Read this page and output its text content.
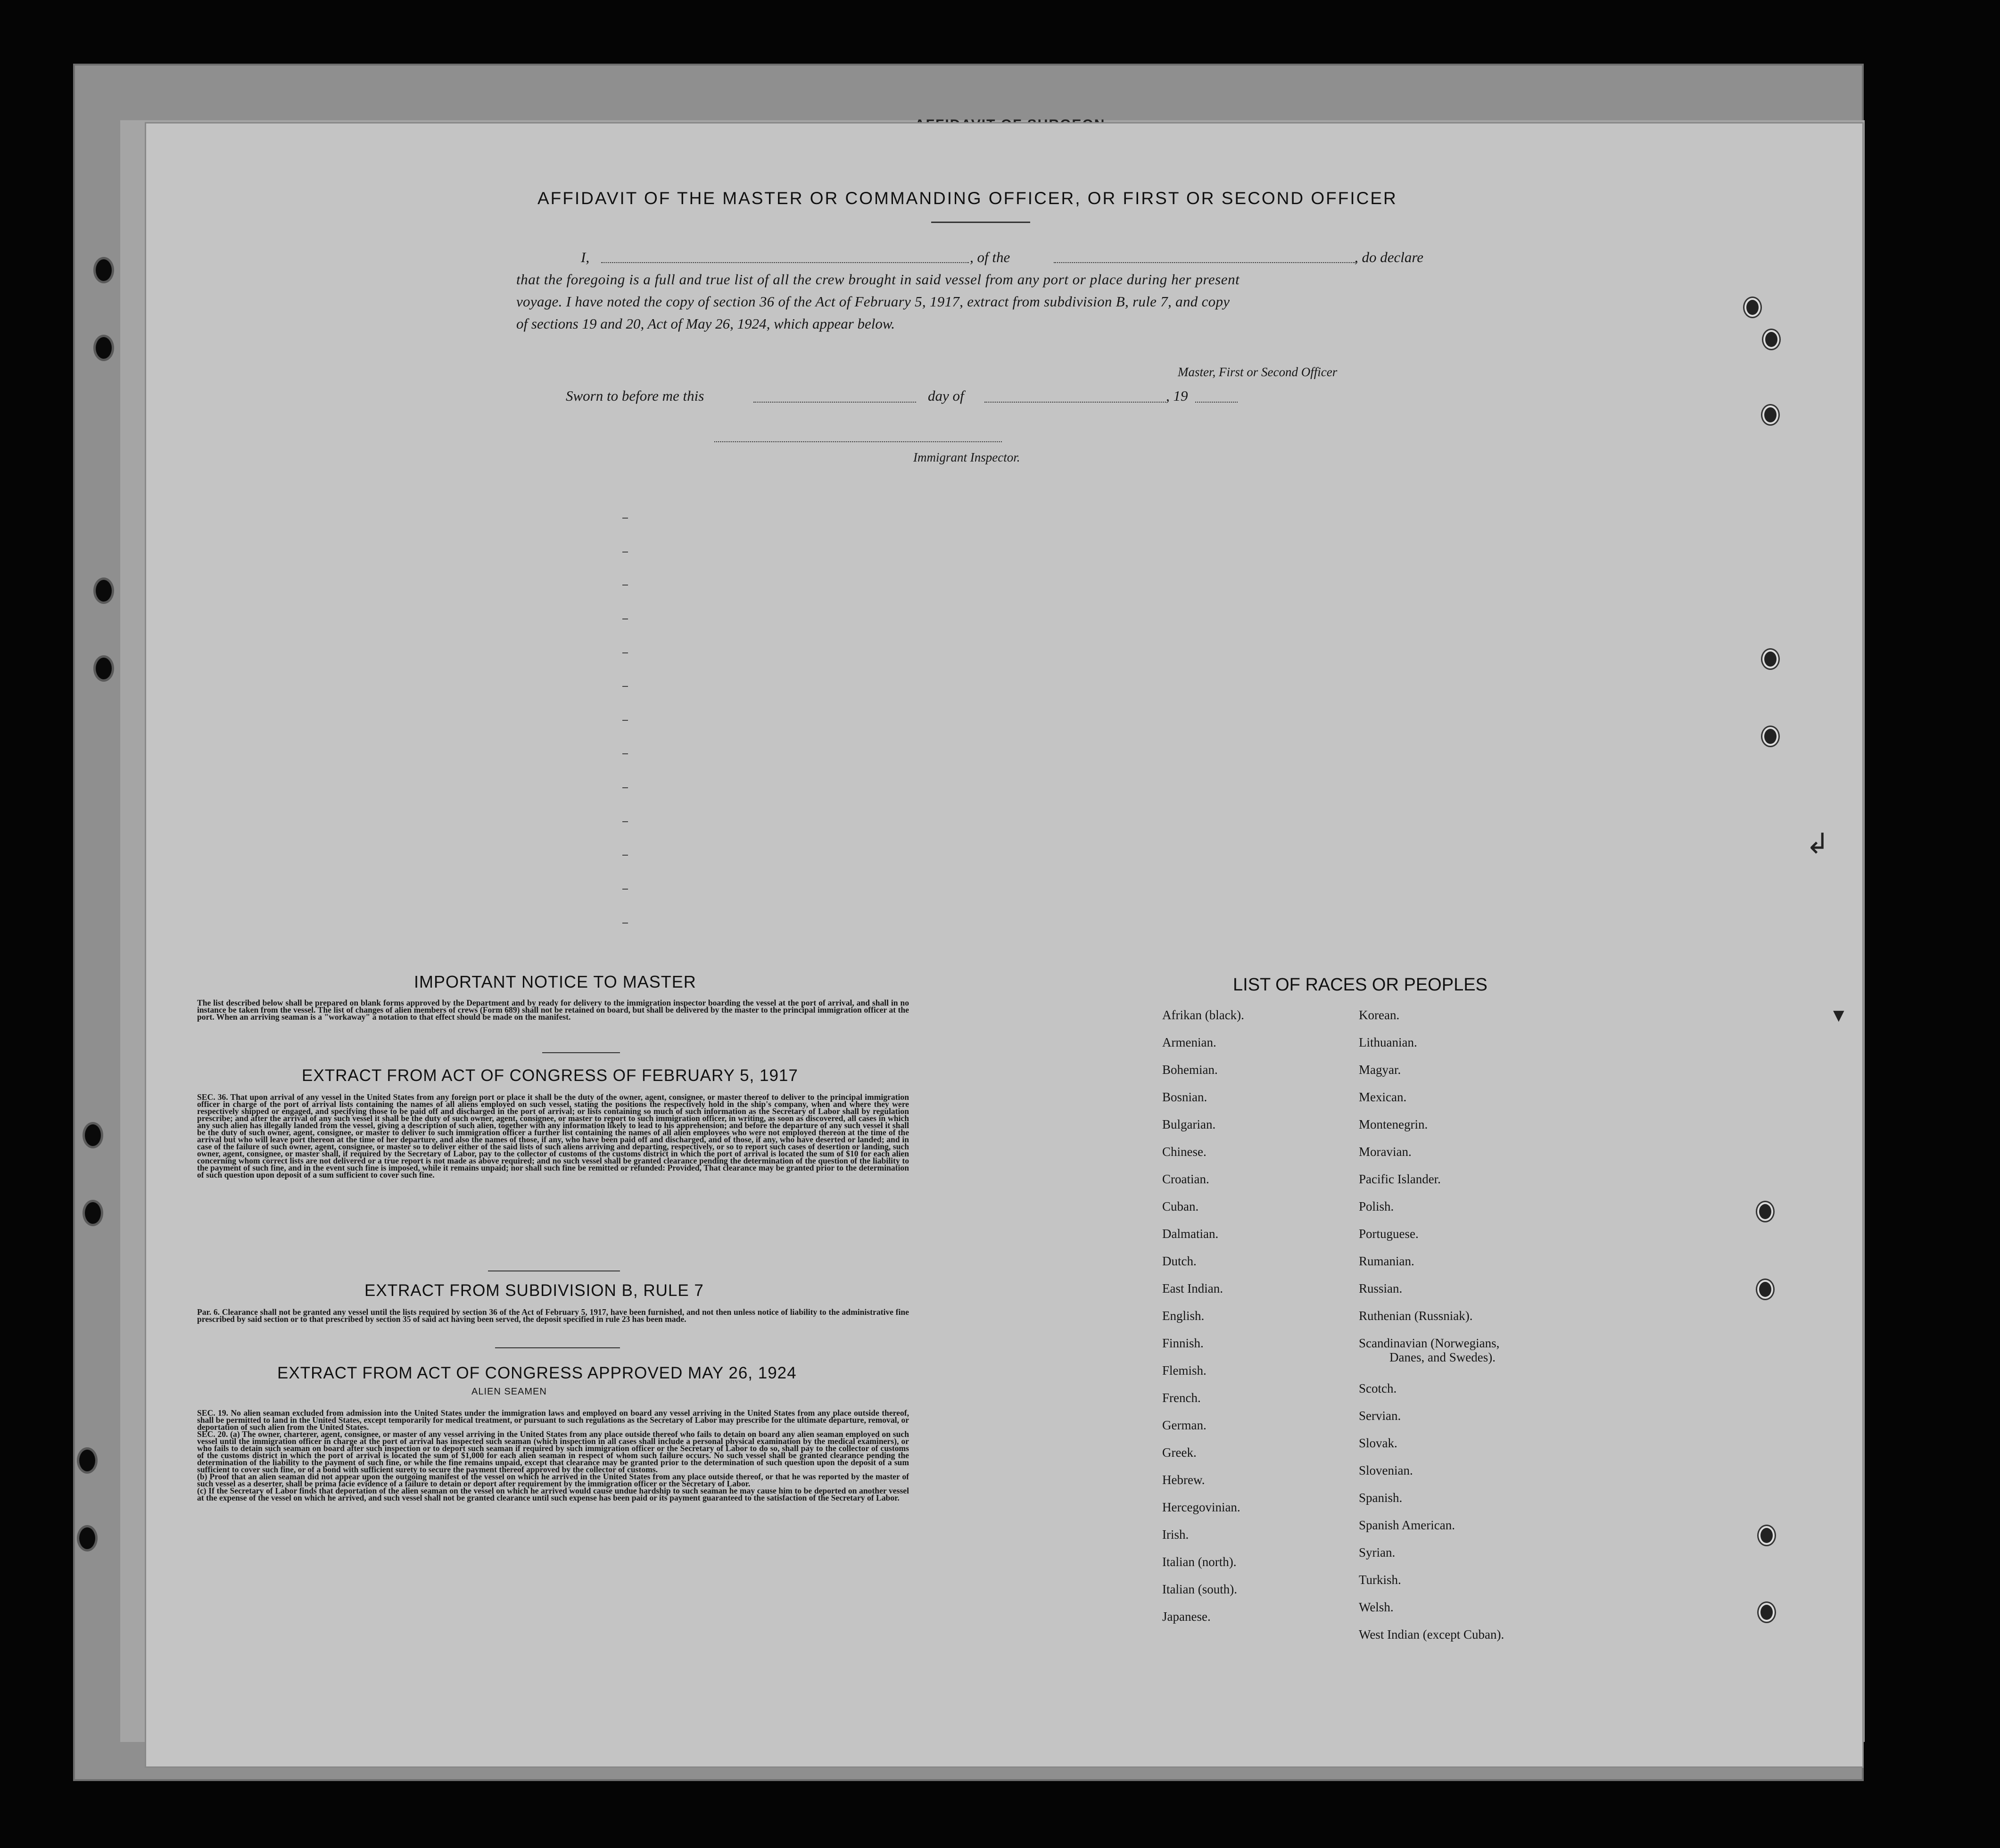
AFFIDAVIT OF THE MASTER OR COMMANDING OFFICER, OR FIRST OR SECOND OFFICER
I,	, of the	, do declare
that the foregoing is a full and true list of all the crew brought in said vessel from any port or place during her present
voyage. I have noted the copy of section 36 of the Act of February 5, 1917, extract from subdivision B, rule 7, and copy
of sections 19 and 20, Act of May 26, 1924, which appear below.
Master, First or Second Officer
Sworn to before me this	day of	, 19
Immigrant Inspector.
IMPORTANT NOTICE TO MASTER
The list described below shall be prepared on blank forms approved by the Department and by ready for delivery to the immigration inspector boarding the vessel at the port of arrival, and shall in no instance be taken from the vessel. The list of changes of alien members of crews (Form 689) shall not be retained on board, but shall be delivered by the master to the principal immigration officer at the port. When an arriving seaman is a "workaway" a notation to that effect should be made on the manifest.
EXTRACT FROM ACT OF CONGRESS OF FEBRUARY 5, 1917
SEC. 36. That upon arrival of any vessel in the United States from any foreign port or place it shall be the duty of the owner, agent, consignee, or master thereof to deliver to the principal immigration officer in charge of the port of arrival lists containing the names of all aliens employed on such vessel, stating the positions the respectively hold in the ship's company, when and where they were respectively shipped or engaged, and specifying those to be paid off and discharged in the port of arrival; or lists containing so much of such information as the Secretary of Labor shall by regulation prescribe; and after the arrival of any such vessel it shall be the duty of such owner, agent, consignee, or master to report to such immigration officer, in writing, as soon as discovered, all cases in which any such alien has illegally landed from the vessel, giving a description of such alien, together with any information likely to lead to his apprehension; and before the departure of any such vessel it shall be the duty of such owner, agent, consignee, or master to deliver to such immigration officer a further list containing the names of all alien employees who were not employed thereon at the time of the arrival but who will leave port thereon at the time of her departure, and also the names of those, if any, who have been paid off and discharged, and of those, if any, who have deserted or landed; and in case of the failure of such owner, agent, consignee, or master so to deliver either of the said lists of such aliens arriving and departing, respectively, or so to report such cases of desertion or landing, such owner, agent, consignee, or master shall, if required by the Secretary of Labor, pay to the collector of customs of the customs district in which the port of arrival is located the sum of $10 for each alien concerning whom correct lists are not delivered or a true report is not made as above required; and no such vessel shall be granted clearance pending the determination of the question of the liability to the payment of such fine, and in the event such fine is imposed, while it remains unpaid; nor shall such fine be remitted or refunded: Provided, That clearance may be granted prior to the determination of such question upon deposit of a sum sufficient to cover such fine.
EXTRACT FROM SUBDIVISION B, RULE 7
Par. 6. Clearance shall not be granted any vessel until the lists required by section 36 of the Act of February 5, 1917, have been furnished, and not then unless notice of liability to the administrative fine prescribed by said section or to that prescribed by section 35 of said act having been served, the deposit specified in rule 23 has been made.
EXTRACT FROM ACT OF CONGRESS APPROVED MAY 26, 1924
ALIEN SEAMEN

SEC. 19. No alien seaman excluded from admission into the United States under the immigration laws and employed on board any vessel arriving in the United States from any place outside thereof, shall be permitted to land in the United States, except temporarily for medical treatment, or pursuant to such regulations as the Secretary of Labor may prescribe for the ultimate departure, removal, or deportation of such alien from the United States.

SEC. 20. (a) The owner, charterer, agent, consignee, or master of any vessel arriving in the United States from any place outside thereof who fails to detain on board any alien seaman employed on such vessel until the immigration officer in charge at the port of arrival has inspected such seaman (which inspection in all cases shall include a personal physical examination by the medical examiners), or who fails to detain such seaman on board after such inspection or to deport such seaman if required by such immigration officer or the Secretary of Labor to do so, shall pay to the collector of customs of the customs district in which the port of arrival is located the sum of $1,000 for each alien seaman in respect of whom such failure occurs. No such vessel shall be granted clearance pending the determination of the liability to the payment of such fine, or while the fine remains unpaid, except that clearance may be granted prior to the determination of such question upon the deposit of a sum sufficient to cover such fine, or of a bond with sufficient surety to secure the payment thereof approved by the collector of customs.

(b) Proof that an alien seaman did not appear upon the outgoing manifest of the vessel on which he arrived in the United States from any place outside thereof, or that he was reported by the master of such vessel as a deserter, shall be prima facie evidence of a failure to detain or deport after requirement by the immigration officer or the Secretary of Labor.

(c) If the Secretary of Labor finds that deportation of the alien seaman on the vessel on which he arrived would cause undue hardship to such seaman he may cause him to be deported on another vessel at the expense of the vessel on which he arrived, and such vessel shall not be granted clearance until such expense has been paid or its payment guaranteed to the satisfaction of the Secretary of Labor.

LIST OF RACES OR PEOPLES
Afrikan (black).
Armenian.
Bohemian.
Bosnian.
Bulgarian.
Chinese.
Croatian.
Cuban.
Dalmatian.
Dutch.
East Indian.
English.
Finnish.
Flemish.
French.
German.
Greek.
Hebrew.
Hercegovinian.
Irish.
Italian (north).
Italian (south).
Japanese.
Korean.
Lithuanian.
Magyar.
Mexican.
Montenegrin.
Moravian.
Pacific Islander.
Polish.
Portuguese.
Rumanian.
Russian.
Ruthenian (Russniak).
Scandinavian (Norwegians,
Danes, and Swedes).
Scotch.
Servian.
Slovak.
Slovenian.
Spanish.
Spanish American.
Syrian.
Turkish.
Welsh.
West Indian (except Cuban).
↲
▼
